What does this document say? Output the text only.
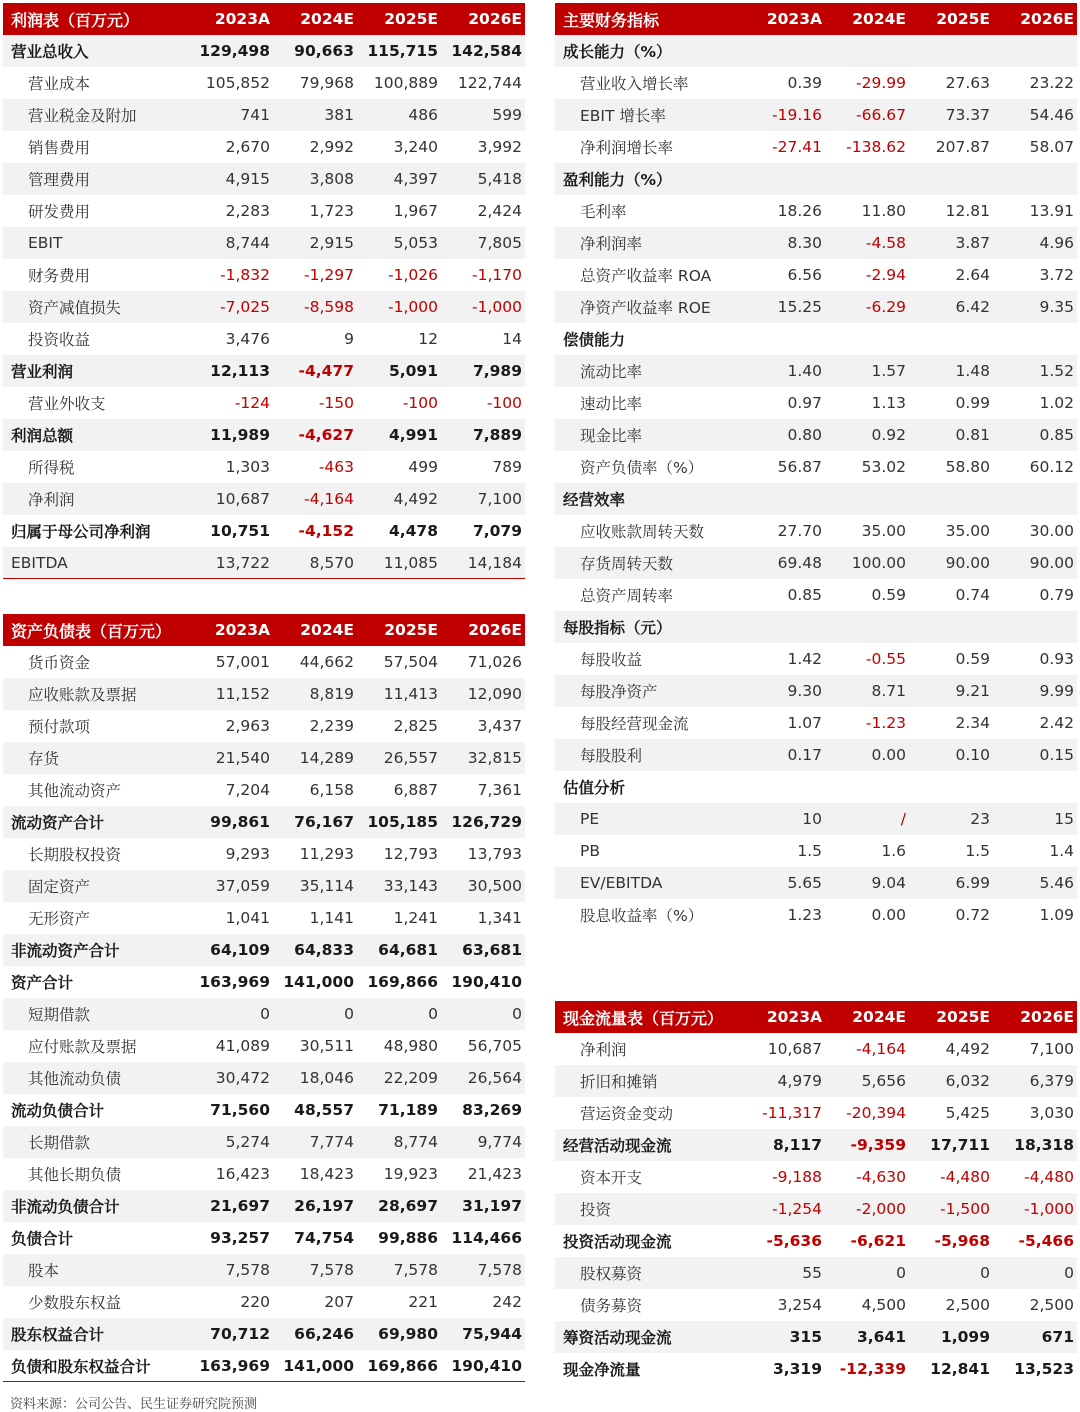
利润表（百万元）	2023A	2024E	2025E	2026E
营业总收入	129,498	90,663 115,715 142,584
营业成本	105,852	79,968	100,889	122,744
营业税金及附加	741	381	486	599
销售费用	2,670	2,992	3,240	3,992
管理费用	4,915	3,808	4,397	5,418
研发费用	2,283	1,723	1,967	2,424
EBIT	8,744	2,915	5,053	7,805
财务费用	-1,832	-1,297	-1,026	-1,170
资产减值损失	-7,025	-8,598	-1,000	-1,000
投资收益	3,476	9	12	14
营业利润	12,113	-4,477	5,091	7,989
营业外收支	-124	-150	-100	-100
利润总额	11,989	-4,627	4,991	7,889
所得税	1,303	-463	499	789
净利润	10,687	-4,164	4,492	7,100
归属于母公司净利润	10,751	-4,152	4,478	7,079
EBITDA	13,722	8,570	11,085	14,184
主要财务指标	2023A	2024E	2025E	2026E
成长能力（%）
营业收入增长率	0.39	-29.99	27.63	23.22
EBIT 增长率	-19.16	-66.67	73.37	54.46
净利润增长率	-27.41	-138.62	207.87	58.07
盈利能力（%）
毛利率	18.26	11.80	12.81	13.91
净利润率	8.30	-4.58	3.87	4.96
总资产收益率 ROA	6.56	-2.94	2.64	3.72
净资产收益率 ROE	15.25	-6.29	6.42	9.35
偿债能力
流动比率	1.40	1.57	1.48	1.52
速动比率	0.97	1.13	0.99	1.02
现金比率	0.80	0.92	0.81	0.85
资产负债率（%）	56.87	53.02	58.80	60.12
经营效率
应收账款周转天数	27.70	35.00	35.00	30.00
存货周转天数	69.48	100.00	90.00	90.00
总资产周转率	0.85	0.59	0.74	0.79
每股指标（元）
每股收益	1.42	-0.55	0.59	0.93
每股净资产	9.30	8.71	9.21	9.99
每股经营现金流	1.07	-1.23	2.34	2.42
每股股利	0.17	0.00	0.10	0.15
估值分析
PE	10	/	23	15
PB	1.5	1.6	1.5	1.4
EV/EBITDA	5.65	9.04	6.99	5.46
股息收益率（%）	1.23	0.00	0.72	1.09
资产负债表（百万元）	2023A	2024E	2025E	2026E
货币资金	57,001	44,662	57,504	71,026
应收账款及票据	11,152	8,819	11,413	12,090
预付款项	2,963	2,239	2,825	3,437
存货	21,540	14,289	26,557	32,815
其他流动资产	7,204	6,158	6,887	7,361
流动资产合计	99,861	76,167 105,185 126,729
长期股权投资	9,293	11,293	12,793	13,793
固定资产	37,059	35,114	33,143	30,500
无形资产	1,041	1,141	1,241	1,341
非流动资产合计	64,109	64,833	64,681	63,681
资产合计	163,969 141,000 169,866 190,410
短期借款	0	0	0	0
应付账款及票据	41,089	30,511	48,980	56,705
其他流动负债	30,472	18,046	22,209	26,564
流动负债合计	71,560	48,557	71,189	83,269
长期借款	5,274	7,774	8,774	9,774
其他长期负债	16,423	18,423	19,923	21,423
非流动负债合计	21,697	26,197	28,697	31,197
负债合计	93,257	74,754	99,886 114,466
股本	7,578	7,578	7,578	7,578
少数股东权益	220	207	221	242
股东权益合计	70,712	66,246	69,980	75,944
负债和股东权益合计	163,969 141,000 169,866 190,410
现金流量表（百万元）	2023A	2024E	2025E	2026E
净利润	10,687	-4,164	4,492	7,100
折旧和摊销	4,979	5,656	6,032	6,379
营运资金变动	-11,317	-20,394	5,425	3,030
经营活动现金流	8,117	-9,359	17,711	18,318
资本开支	-9,188	-4,630	-4,480	-4,480
投资	-1,254	-2,000	-1,500	-1,000
投资活动现金流	-5,636	-6,621	-5,968	-5,466
股权募资	55	0	0	0
债务募资	3,254	4,500	2,500	2,500
筹资活动现金流	315	3,641	1,099	671
现金净流量	3,319	-12,339	12,841	13,523
资料来源：公司公告、民生证券研究院预测
